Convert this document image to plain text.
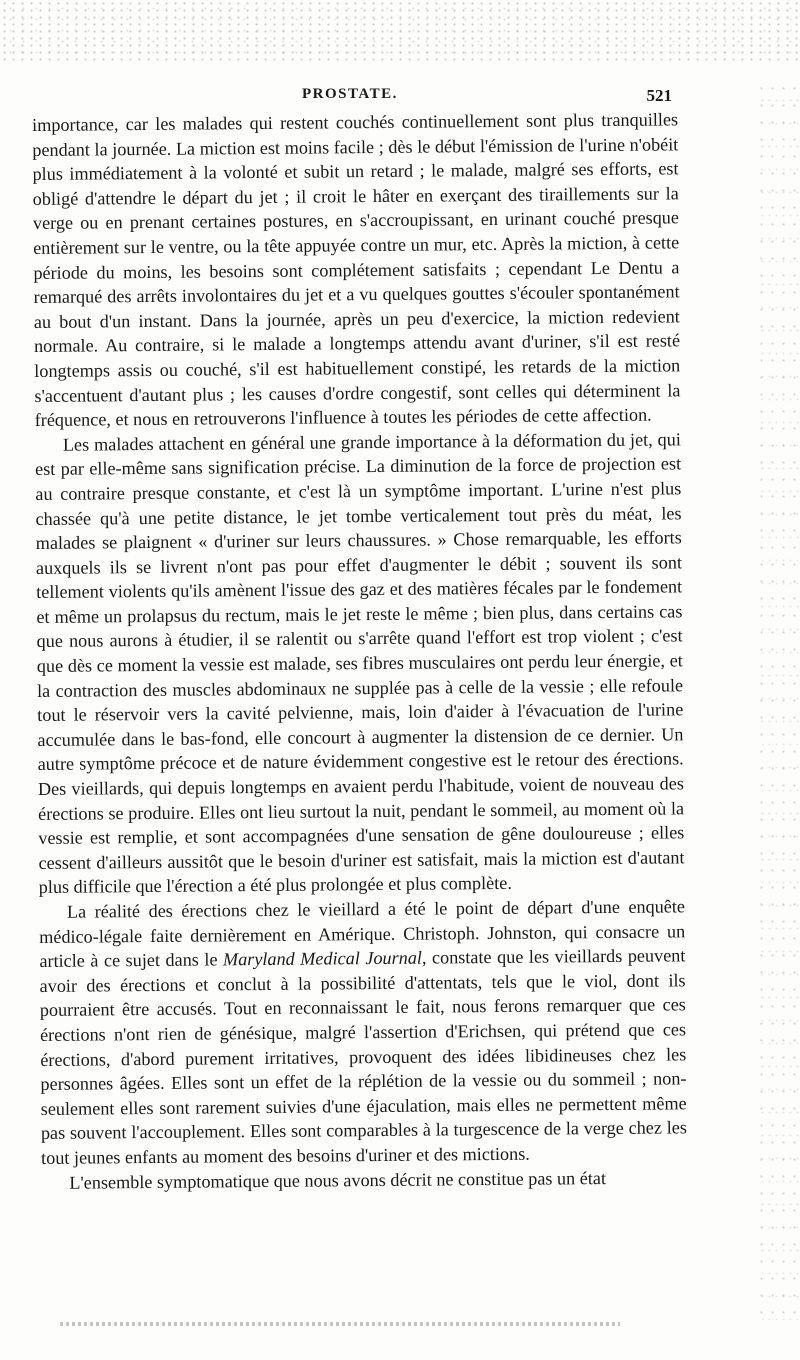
PROSTATE.	521

importance, car les malades qui restent couchés continuellement sont plus tranquilles pendant la journée. La miction est moins facile ; dès le début l'émission de l'urine n'obéit plus immédiatement à la volonté et subit un retard ; le malade, malgré ses efforts, est obligé d'attendre le départ du jet ; il croit le hâter en exerçant des tiraillements sur la verge ou en prenant certaines postures, en s'accroupissant, en urinant couché presque entièrement sur le ventre, ou la tête appuyée contre un mur, etc. Après la miction, à cette période du moins, les besoins sont complétement satisfaits ; cependant Le Dentu a remarqué des arrêts involontaires du jet et a vu quelques gouttes s'écouler spontanément au bout d'un instant. Dans la journée, après un peu d'exercice, la miction redevient normale. Au contraire, si le malade a longtemps attendu avant d'uriner, s'il est resté longtemps assis ou couché, s'il est habituellement constipé, les retards de la miction s'accentuent d'autant plus ; les causes d'ordre congestif, sont celles qui déterminent la fréquence, et nous en retrouverons l'influence à toutes les périodes de cette affection.

Les malades attachent en général une grande importance à la déformation du jet, qui est par elle-même sans signification précise. La diminution de la force de projection est au contraire presque constante, et c'est là un symptôme important. L'urine n'est plus chassée qu'à une petite distance, le jet tombe verticalement tout près du méat, les malades se plaignent « d'uriner sur leurs chaussures. » Chose remarquable, les efforts auxquels ils se livrent n'ont pas pour effet d'augmenter le débit ; souvent ils sont tellement violents qu'ils amènent l'issue des gaz et des matières fécales par le fondement et même un prolapsus du rectum, mais le jet reste le même ; bien plus, dans certains cas que nous aurons à étudier, il se ralentit ou s'arrête quand l'effort est trop violent ; c'est que dès ce moment la vessie est malade, ses fibres musculaires ont perdu leur énergie, et la contraction des muscles abdominaux ne supplée pas à celle de la vessie ; elle refoule tout le réservoir vers la cavité pelvienne, mais, loin d'aider à l'évacuation de l'urine accumulée dans le bas-fond, elle concourt à augmenter la distension de ce dernier. Un autre symptôme précoce et de nature évidemment congestive est le retour des érections. Des vieillards, qui depuis longtemps en avaient perdu l'habitude, voient de nouveau des érections se produire. Elles ont lieu surtout la nuit, pendant le sommeil, au moment où la vessie est remplie, et sont accompagnées d'une sensation de gêne douloureuse ; elles cessent d'ailleurs aussitôt que le besoin d'uriner est satisfait, mais la miction est d'autant plus difficile que l'érection a été plus prolongée et plus complète.

La réalité des érections chez le vieillard a été le point de départ d'une enquête médico-légale faite dernièrement en Amérique. Christoph. Johnston, qui consacre un article à ce sujet dans le Maryland Medical Journal, constate que les vieillards peuvent avoir des érections et conclut à la possibilité d'attentats, tels que le viol, dont ils pourraient être accusés. Tout en reconnaissant le fait, nous ferons remarquer que ces érections n'ont rien de génésique, malgré l'assertion d'Erichsen, qui prétend que ces érections, d'abord purement irritatives, provoquent des idées libidineuses chez les personnes âgées. Elles sont un effet de la réplétion de la vessie ou du sommeil ; non-seulement elles sont rarement suivies d'une éjaculation, mais elles ne permettent même pas souvent l'accouplement. Elles sont comparables à la turgescence de la verge chez les tout jeunes enfants au moment des besoins d'uriner et des mictions.

L'ensemble symptomatique que nous avons décrit ne constitue pas un état
